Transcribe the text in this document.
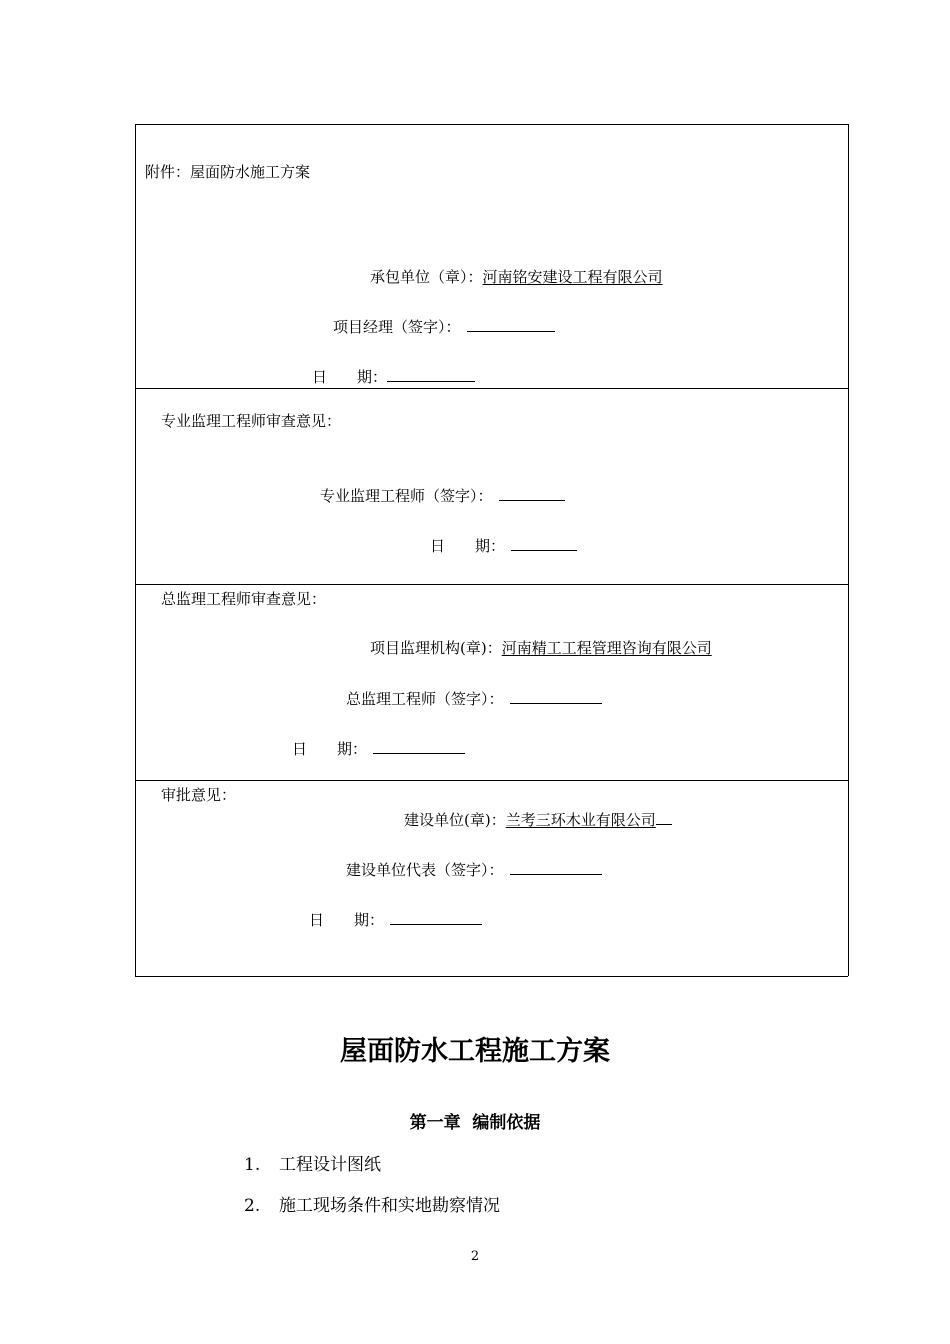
附件：屋面防水施工方案
承包单位（章）：河南铭安建设工程有限公司
项目经理（签字）：
日　　期：
专业监理工程师审查意见：
专业监理工程师（签字）：
日　　期：
总监理工程师审查意见：
项目监理机构(章)：河南精工工程管理咨询有限公司
总监理工程师（签字）：
日　　期：
审批意见：
建设单位(章)：兰考三环木业有限公司
建设单位代表（签字）：
日　　期：
屋面防水工程施工方案
第一章  编制依据
1. 工程设计图纸
2. 施工现场条件和实地勘察情况
2
